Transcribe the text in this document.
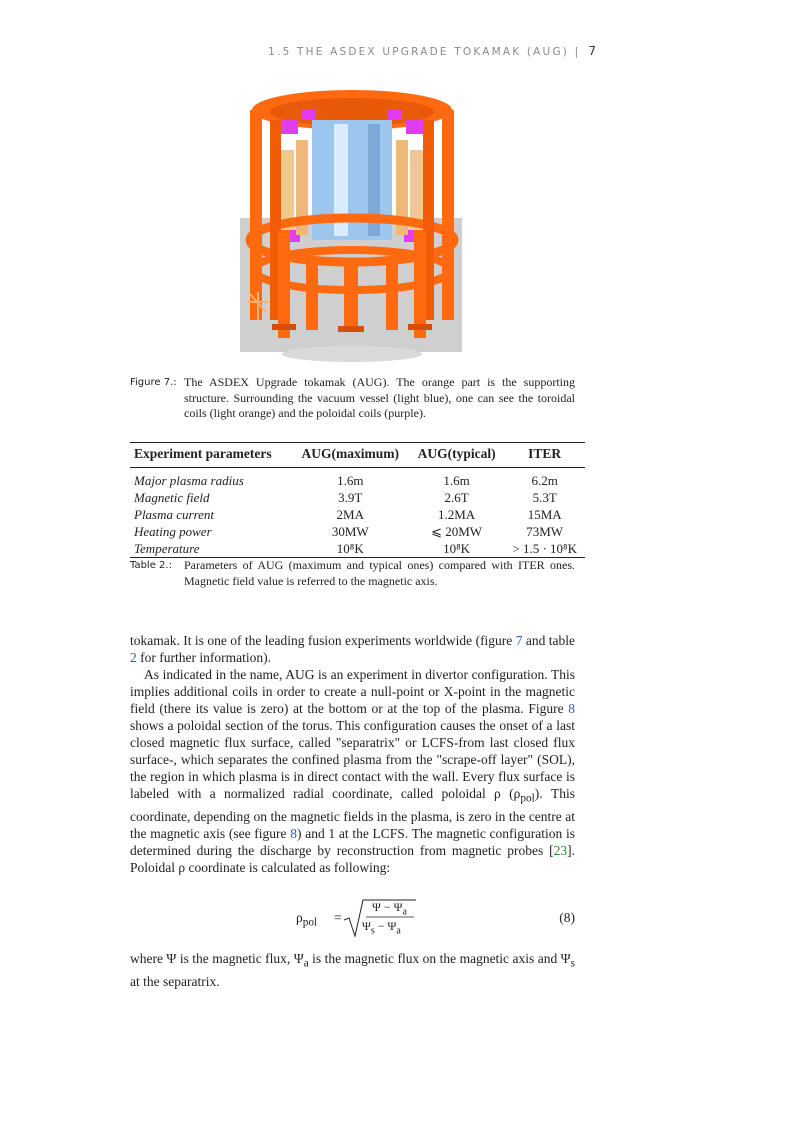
1.5 THE ASDEX UPGRADE TOKAMAK (AUG) | 7
Figure 7.: The ASDEX Upgrade tokamak (AUG). The orange part is the supporting structure. Surrounding the vacuum vessel (light blue), one can see the toroidal coils (light orange) and the poloidal coils (purple).
Experiment parameters	AUG(maximum)	AUG(typical)	ITER
Major plasma radius	1.6m	1.6m	6.2m
Magnetic field	3.9T	2.6T	5.3T
Plasma current	2MA	1.2MA	15MA
Heating power	30MW	⩽ 20MW	73MW
Temperature	10⁸K	10⁸K	> 1.5 · 10⁸K
Table 2.:	Parameters of AUG (maximum and typical ones) compared with ITER ones. Magnetic field value is referred to the magnetic axis.

tokamak. It is one of the leading fusion experiments worldwide (figure 7 and table 2 for further information).

As indicated in the name, AUG is an experiment in divertor configuration. This implies additional coils in order to create a null-point or X-point in the magnetic field (there its value is zero) at the bottom or at the top of the plasma. Figure 8 shows a poloidal section of the torus. This configuration causes the onset of a last closed magnetic flux surface, called "separatrix" or LCFS-from last closed flux surface-, which separates the confined plasma from the "scrape-off layer" (SOL), the region in which plasma is in direct contact with the wall. Every flux surface is labeled with a normalized radial coordinate, called poloidal ρ $(\rho_{pol})$. This coordinate, depending on the magnetic fields in the plasma, is zero in the centre at the magnetic axis (see figure 8) and 1 at the LCFS. The magnetic configuration is determined during the discharge by reconstruction from magnetic probes [23]. Poloidal ρ coordinate is calculated as following:

$\rho_{pol}$ =
$\Psi - \Psi_a$
$\Psi_s - \Psi_a$
(8)

where Ψ is the magnetic flux, $\Psi_a$ is the magnetic flux on the magnetic axis and $\Psi_s$ at the separatrix.
